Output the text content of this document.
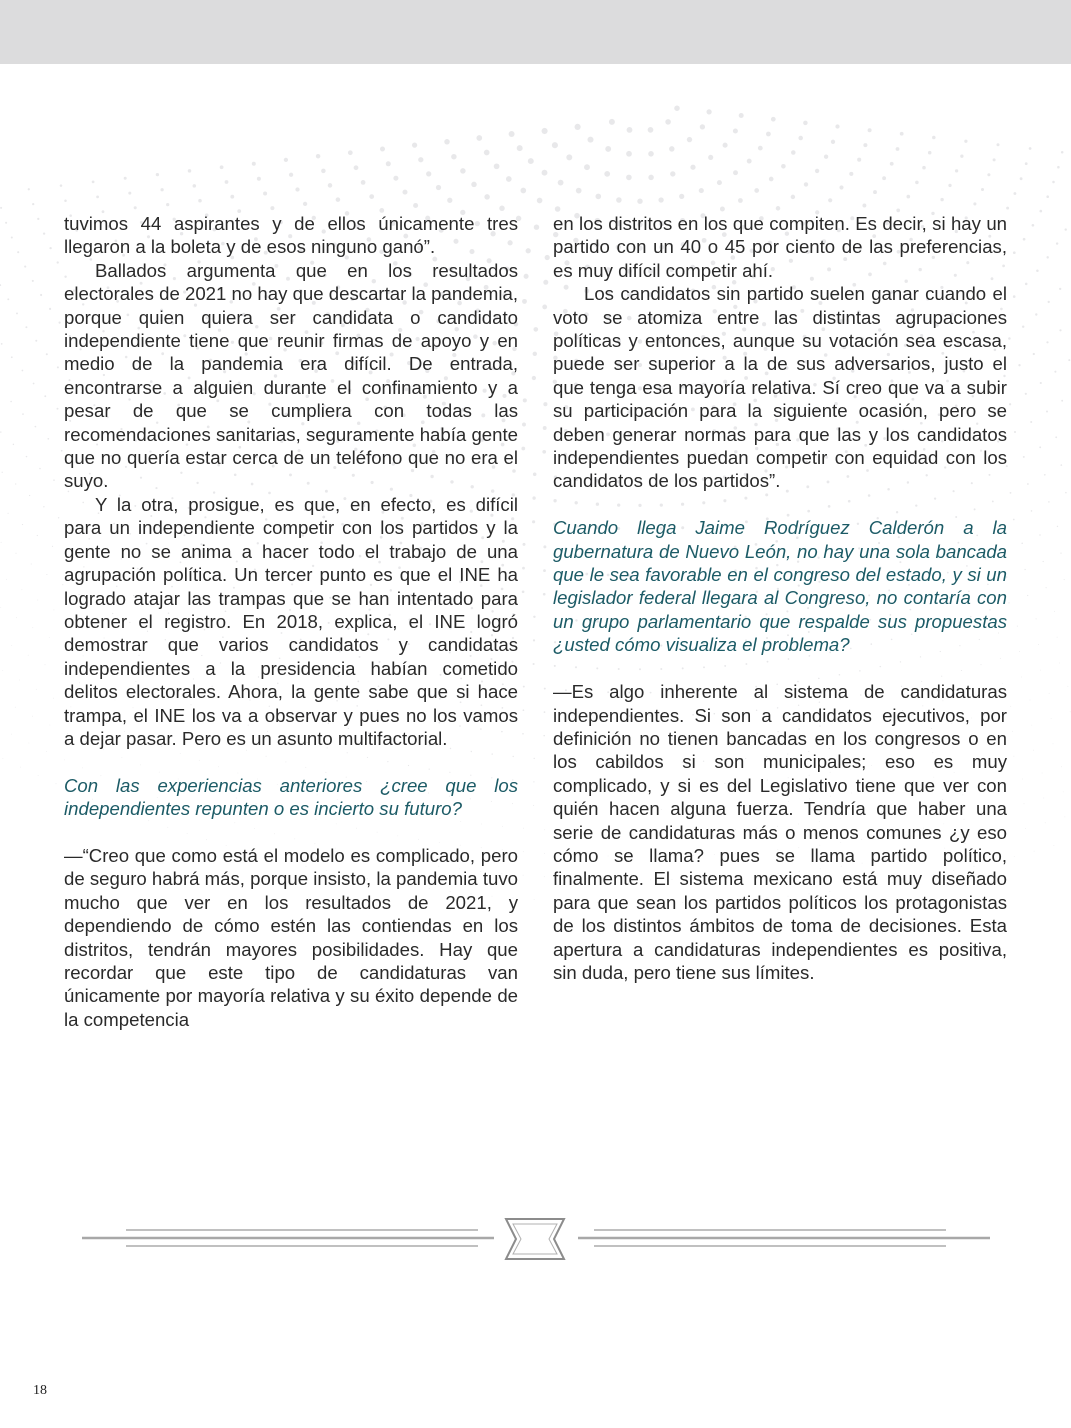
tuvimos 44 aspirantes y de ellos únicamente tres llegaron a la boleta y de esos ninguno ganó”.

Ballados argumenta que en los resultados electorales de 2021 no hay que descartar la pandemia, porque quien quiera ser candidata o candidato independiente tiene que reunir firmas de apoyo y en medio de la pandemia era difícil. De entrada, encontrarse a alguien durante el confinamiento y a pesar de que se cumpliera con todas las recomendaciones sanitarias, seguramente había gente que no quería estar cerca de un teléfono que no era el suyo.

Y la otra, prosigue, es que, en efecto, es difícil para un independiente competir con los partidos y la gente no se anima a hacer todo el trabajo de una agrupación política. Un tercer punto es que el INE ha logrado atajar las trampas que se han intentado para obtener el registro. En 2018, explica, el INE logró demostrar que varios candidatos y candidatas independientes a la presidencia habían cometido delitos electorales. Ahora, la gente sabe que si hace trampa, el INE los va a observar y pues no los vamos a dejar pasar. Pero es un asunto multifactorial.

Con las experiencias anteriores ¿cree que los independientes repunten o es incierto su futuro?

—“Creo que como está el modelo es complicado, pero de seguro habrá más, porque insisto, la pandemia tuvo mucho que ver en los resultados de 2021, y dependiendo de cómo estén las contiendas en los distritos, tendrán mayores posibilidades. Hay que recordar que este tipo de candidaturas van únicamente por mayoría relativa y su éxito depende de la competencia

en los distritos en los que compiten. Es decir, si hay un partido con un 40 o 45 por ciento de las preferencias, es muy difícil competir ahí.

Los candidatos sin partido suelen ganar cuando el voto se atomiza entre las distintas agrupaciones políticas y entonces, aunque su votación sea escasa, puede ser superior a la de sus adversarios, justo el que tenga esa mayoría relativa. Sí creo que va a subir su participación para la siguiente ocasión, pero se deben generar normas para que las y los candidatos independientes puedan competir con equidad con los candidatos de los partidos”.

Cuando llega Jaime Rodríguez Calderón a la gubernatura de Nuevo León, no hay una sola bancada que le sea favorable en el congreso del estado, y si un legislador federal llegara al Congreso, no contaría con un grupo parlamentario que respalde sus propuestas ¿usted cómo visualiza el problema?

—Es algo inherente al sistema de candidaturas independientes. Si son a candidatos ejecutivos, por definición no tienen bancadas en los congresos o en los cabildos si son municipales; eso es muy complicado, y si es del Legislativo tiene que ver con quién hacen alguna fuerza. Tendría que haber una serie de candidaturas más o menos comunes ¿y eso cómo se llama? pues se llama partido político, finalmente. El sistema mexicano está muy diseñado para que sean los partidos políticos los protagonistas de los distintos ámbitos de toma de decisiones. Esta apertura a candidaturas independientes es positiva, sin duda, pero tiene sus límites.

18
